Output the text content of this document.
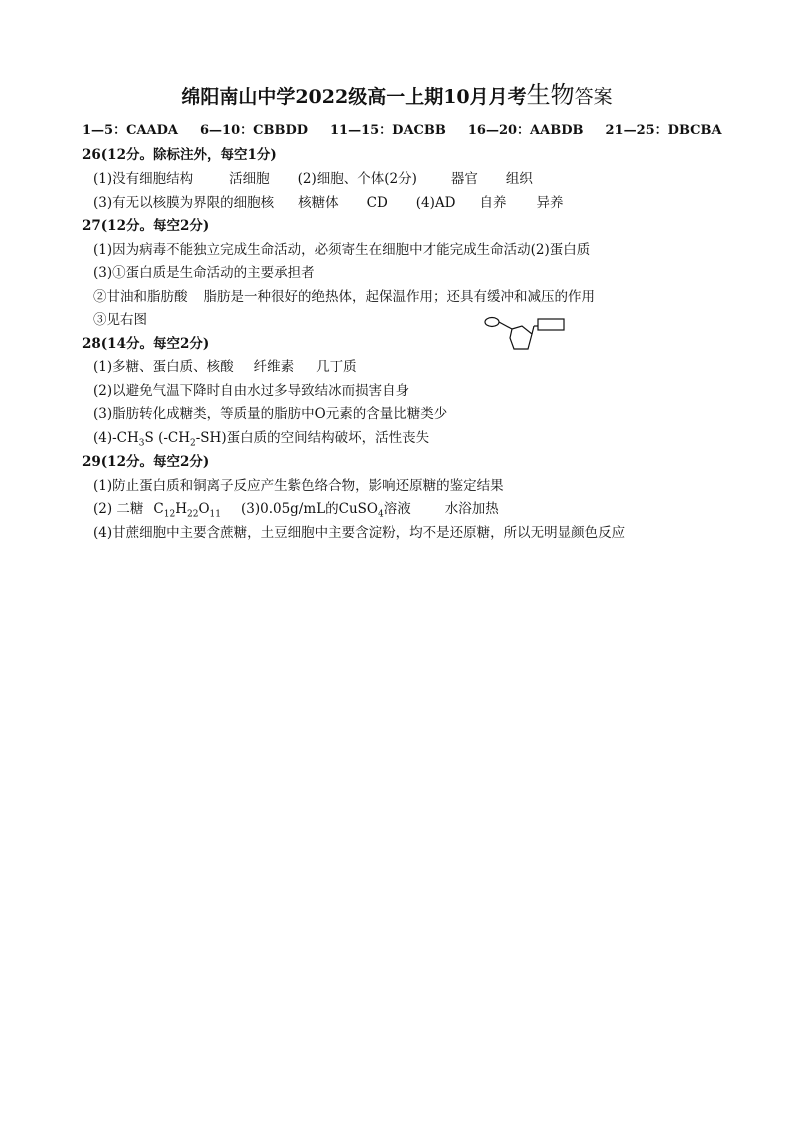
绵阳南山中学2022级高一上期10月月考生物答案
1—5：CAADA 6—10：CBBDD 11—15：DACBB 16—20：AABDB 21—25：DBCBA
26(12分。除标注外，每空1分)
(1)没有细胞结构	活细胞 (2)细胞、个体(2分)	器官 组织
(3)有无以核膜为界限的细胞核 核糖体 CD (4)AD 自养 异养
27(12分。每空2分)
(1)因为病毒不能独立完成生命活动，必须寄生在细胞中才能完成生命活动(2)蛋白质
(3)①蛋白质是生命活动的主要承担者
②甘油和脂肪酸 脂肪是一种很好的绝热体，起保温作用；还具有缓冲和减压的作用
③见右图
28(14分。每空2分)
(1)多糖、蛋白质、核酸 纤维素 几丁质
(2)以避免气温下降时自由水过多导致结冰而损害自身
(3)脂肪转化成糖类，等质量的脂肪中O元素的含量比糖类少
$(4)-CH_3S$ $(-CH_2-SH)$蛋白质的空间结构破坏，活性丧失
29(12分。每空2分)
(1)防止蛋白质和铜离子反应产生紫色络合物，影响还原糖的鉴定结果
(2) 二糖 $C_{12}H_{22}O_{11}$ (3)0.05g/mL的CuSO$_4$溶液	水浴加热
(4)甘蔗细胞中主要含蔗糖，土豆细胞中主要含淀粉，均不是还原糖，所以无明显颜色反应
